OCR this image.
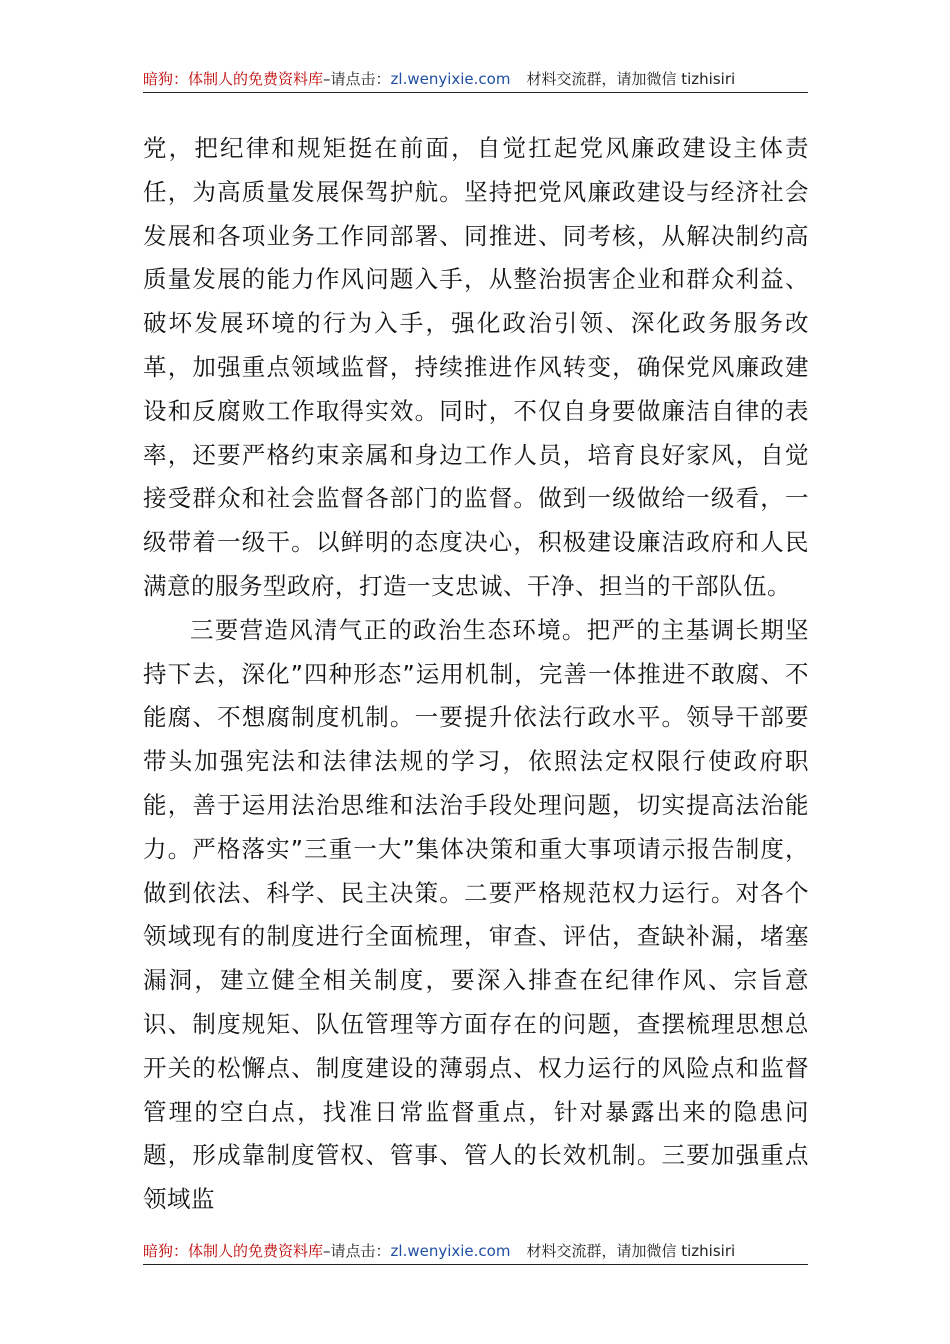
暗狗：体制人的免费资料库–请点击：zl.wenyixie.com 材料交流群，请加微信 tizhisiri

党，把纪律和规矩挺在前面，自觉扛起党风廉政建设主体责任，为高质量发展保驾护航。坚持把党风廉政建设与经济社会发展和各项业务工作同部署、同推进、同考核，从解决制约高质量发展的能力作风问题入手，从整治损害企业和群众利益、破坏发展环境的行为入手，强化政治引领、深化政务服务改革，加强重点领域监督，持续推进作风转变，确保党风廉政建设和反腐败工作取得实效。同时，不仅自身要做廉洁自律的表率，还要严格约束亲属和身边工作人员，培育良好家风，自觉接受群众和社会监督各部门的监督。做到一级做给一级看，一级带着一级干。以鲜明的态度决心，积极建设廉洁政府和人民满意的服务型政府，打造一支忠诚、干净、担当的干部队伍。

三要营造风清气正的政治生态环境。把严的主基调长期坚持下去，深化”四种形态”运用机制，完善一体推进不敢腐、不能腐、不想腐制度机制。一要提升依法行政水平。领导干部要带头加强宪法和法律法规的学习，依照法定权限行使政府职能，善于运用法治思维和法治手段处理问题，切实提高法治能力。严格落实”三重一大”集体决策和重大事项请示报告制度，做到依法、科学、民主决策。二要严格规范权力运行。对各个领域现有的制度进行全面梳理，审查、评估，查缺补漏，堵塞漏洞，建立健全相关制度，要深入排查在纪律作风、宗旨意识、制度规矩、队伍管理等方面存在的问题，查摆梳理思想总开关的松懈点、制度建设的薄弱点、权力运行的风险点和监督管理的空白点，找准日常监督重点，针对暴露出来的隐患问题，形成靠制度管权、管事、管人的长效机制。三要加强重点领域监

暗狗：体制人的免费资料库–请点击：zl.wenyixie.com 材料交流群，请加微信 tizhisiri
